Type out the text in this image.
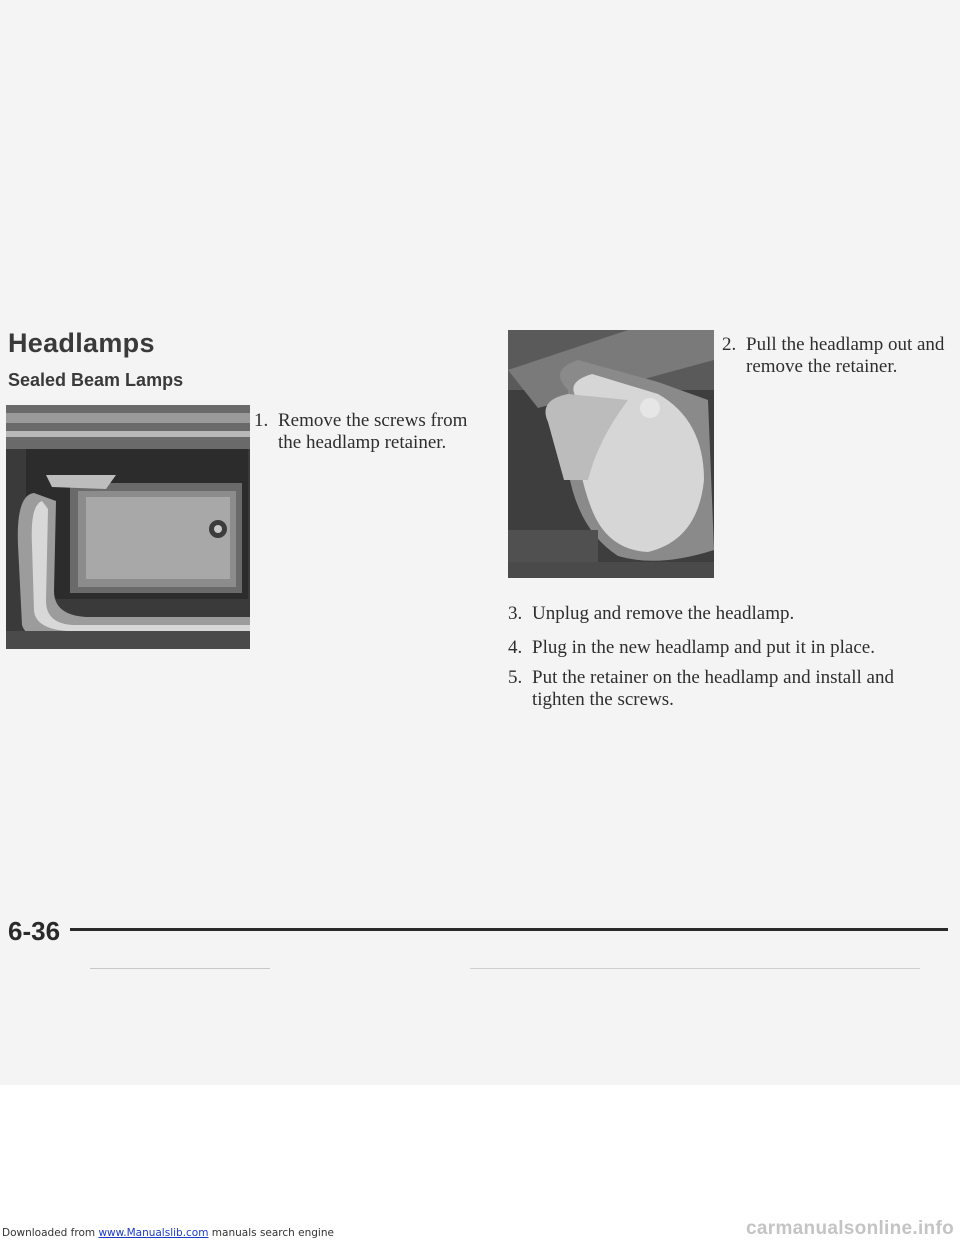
Headlamps
Sealed Beam Lamps
1. Remove the screws from the headlamp retainer.
2. Pull the headlamp out and remove the retainer.
3. Unplug and remove the headlamp.
4. Plug in the new headlamp and put it in place.
5. Put the retainer on the headlamp and install and tighten the screws.
6-36
Downloaded from www.Manualslib.com manuals search engine	carmanualsonline.info
